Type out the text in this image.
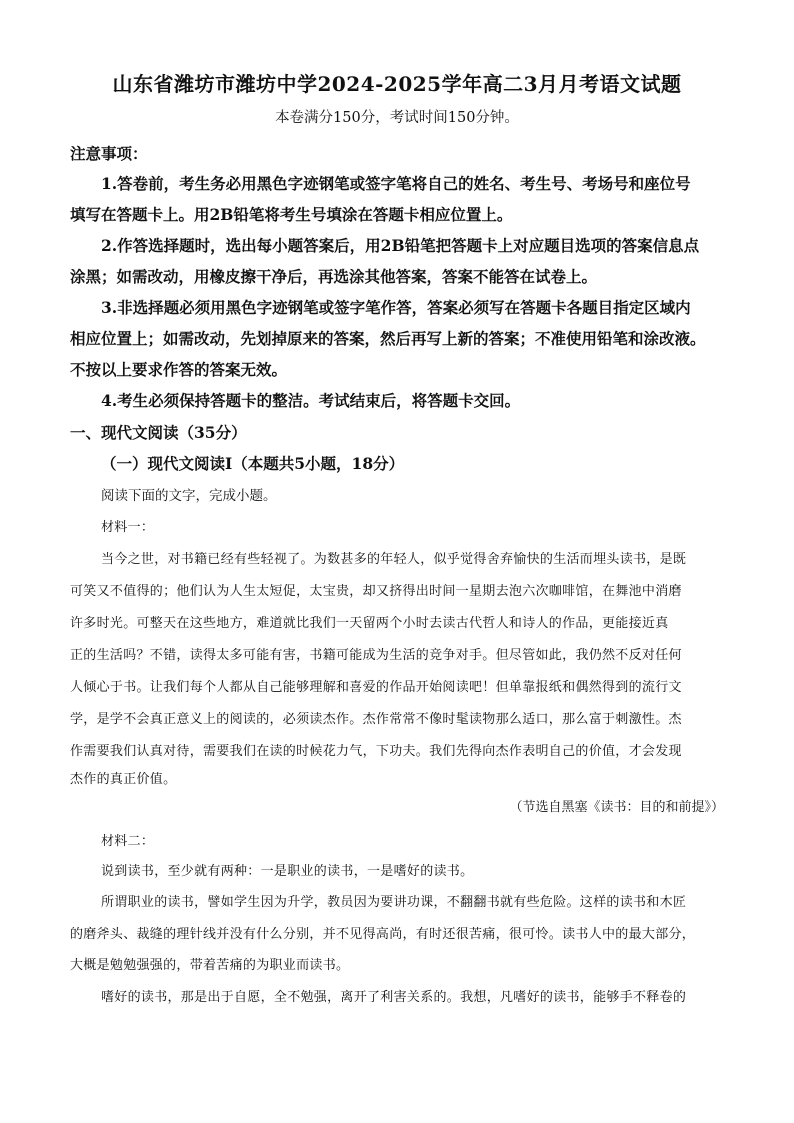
山东省潍坊市潍坊中学2024-2025学年高二3月月考语文试题
本卷满分150分，考试时间150分钟。
注意事项：
1.答卷前，考生务必用黑色字迹钢笔或签字笔将自己的姓名、考生号、考场号和座位号
填写在答题卡上。用2B铅笔将考生号填涂在答题卡相应位置上。
2.作答选择题时，选出每小题答案后，用2B铅笔把答题卡上对应题目选项的答案信息点
涂黑；如需改动，用橡皮擦干净后，再选涂其他答案，答案不能答在试卷上。
3.非选择题必须用黑色字迹钢笔或签字笔作答，答案必须写在答题卡各题目指定区域内
相应位置上；如需改动，先划掉原来的答案，然后再写上新的答案；不准使用铅笔和涂改液。
不按以上要求作答的答案无效。
4.考生必须保持答题卡的整洁。考试结束后，将答题卡交回。
一、现代文阅读（35分）
（一）现代文阅读Ⅰ（本题共5小题，18分）
阅读下面的文字，完成小题。
材料一：
当今之世，对书籍已经有些轻视了。为数甚多的年轻人，似乎觉得舍弃愉快的生活而埋头读书，是既
可笑又不值得的；他们认为人生太短促，太宝贵，却又挤得出时间一星期去泡六次咖啡馆，在舞池中消磨
许多时光。可整天在这些地方，难道就比我们一天留两个小时去读古代哲人和诗人的作品，更能接近真
正的生活吗？不错，读得太多可能有害，书籍可能成为生活的竞争对手。但尽管如此，我仍然不反对任何
人倾心于书。让我们每个人都从自己能够理解和喜爱的作品开始阅读吧！但单靠报纸和偶然得到的流行文
学，是学不会真正意义上的阅读的，必须读杰作。杰作常常不像时髦读物那么适口，那么富于刺激性。杰
作需要我们认真对待，需要我们在读的时候花力气，下功夫。我们先得向杰作表明自己的价值，才会发现
杰作的真正价值。
（节选自黑塞《读书：目的和前提》）
材料二：
说到读书，至少就有两种：一是职业的读书，一是嗜好的读书。
所谓职业的读书，譬如学生因为升学，教员因为要讲功课，不翻翻书就有些危险。这样的读书和木匠
的磨斧头、裁缝的理针线并没有什么分别，并不见得高尚，有时还很苦痛，很可怜。读书人中的最大部分，
大概是勉勉强强的，带着苦痛的为职业而读书。
嗜好的读书，那是出于自愿，全不勉强，离开了利害关系的。我想，凡嗜好的读书，能够手不释卷的
